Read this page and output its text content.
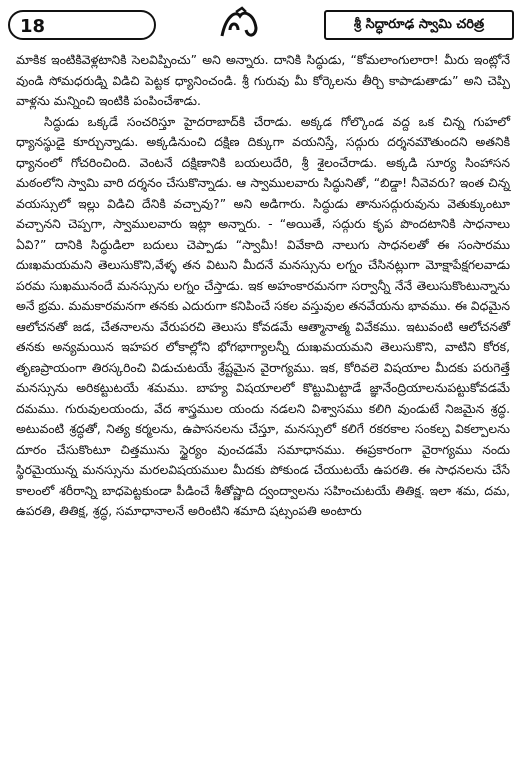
18	శ్రీ సిద్ధారూఢ స్వామి చరిత్ర

మాకిక ఇంటికివెళ్లటానికి సెలవిప్పించు” అని అన్నారు. దానికి సిద్ధుడు, “కోమలాంగులారా! మీరు ఇంట్లోనే వుండి సోమధరుడ్ని విడిచి పెట్టక ధ్యానించండి. శ్రీ గురువు మీ కోర్కెలను తీర్చి కాపాడుతాడు” అని చెప్పి వాళ్లను మన్నించి ఇంటికి పంపించేశాడు.

సిద్ధుడు ఒక్కడే సంచరిస్తూ హైదరాబాద్‌కి చేరాడు. అక్కడ గోల్కొండ వద్ద ఒక చిన్న గుహలో ధ్యానస్థుడై కూర్చున్నాడు. అక్కడినుంచి దక్షిణ దిక్కుగా వయనిస్తే, సద్గురు దర్శనమౌతుందని అతనికి ధ్యానంలో గోచరించింది. వెంటనే దక్షిణానికి బయలుదేరి, శ్రీ శైలంచేరాడు. అక్కడి సూర్య సింహాసన మఠంలోని స్వామి వారి దర్శనం చేసుకొన్నాడు. ఆ స్వాములవారు సిద్ధునితో, “బిడ్డా! నీవెవరు? ఇంత చిన్న వయస్సులో ఇల్లు విడిచి దేనికి వచ్చావు?” అని అడిగారు. సిద్ధుడు తానుసద్గురువును వెతుక్కుంటూ వచ్చానని చెప్పగా, స్వాములవారు ఇట్లా అన్నారు. - “అయితే, సద్గురు కృప పొందటానికి సాధనాలు ఏవి?” దానికి సిద్ధుడిలా బదులు చెప్పాడు “స్వామీ! వివేకాది నాలుగు సాధనలతో ఈ సంసారము దుఃఖమయమని తెలుసుకొని,వేళ్ళ తన విటుని మీదనే మనస్సును లగ్నం చేసినట్లుగా మోక్షాపేక్షగలవాడు పరమ సుఖమునందే మనస్సును లగ్నం చేస్తాడు. ఇక అహంకారమనగా సర్వాన్నీ నేనే తెలుసుకొంటున్నాను అనే భ్రమ. మమకారమనగా తనకు ఎదురుగా కనిపించే సకల వస్తువుల తనవేయను భావము. ఈ విధమైన ఆలోచనతో జడ, చేతనాలను వేరుపరచి తెలుసు కోవడమే ఆత్మానాత్మ వివేకము. ఇటువంటి ఆలోచనతో తనకు అన్యమయిన ఇహపర లోకాల్లోని భోగభాగ్యాలన్నీ దుఃఖమయమని తెలుసుకొని, వాటిని కోరక, తృణప్రాయంగా తిరస్కరించి విడుచుటయే శ్రేష్టమైన వైరాగ్యము. ఇక, కోరివలె విషయాల మీదకు పరుగెత్తే మనస్సును అరికట్టుటయే శమము. బాహ్య విషయాలలో కొట్టుమిట్టాడే జ్ఞానేంద్రియాలనుపట్టుకోవడమే దమము. గురువులయందు, వేద శాస్త్రముల యందు నడలని విశ్వాసము కలిగి వుండుటే నిజమైన శ్రద్ధ. అటువంటి శ్రద్ధతో, నిత్య కర్మలను, ఉపాసనలను చేస్తూ, మనస్సులో కలిగే రకరకాల సంకల్ప వికల్పాలను దూరం చేసుకొంటూ చిత్తమును స్థైర్యం వుంచడమే సమాధానము. ఈప్రకారంగా వైరాగ్యము నందు స్థిరమైయున్న మనస్సును మరలవిషయముల మీదకు పోకుండ చేయుటయే ఉపరతి. ఈ సాధనలను చేసే కాలంలో శరీరాన్ని బాధపెట్టకుండా పీడించే శీతోష్ణాది ద్వంద్వాలను సహించుటయే తితిక్ష. ఇలా శమ, దమ, ఉపరతి, తితిక్ష, శ్రద్ధ, సమాధానాలనే అరింటిని శమాది షట్సంపతి అంటారు
